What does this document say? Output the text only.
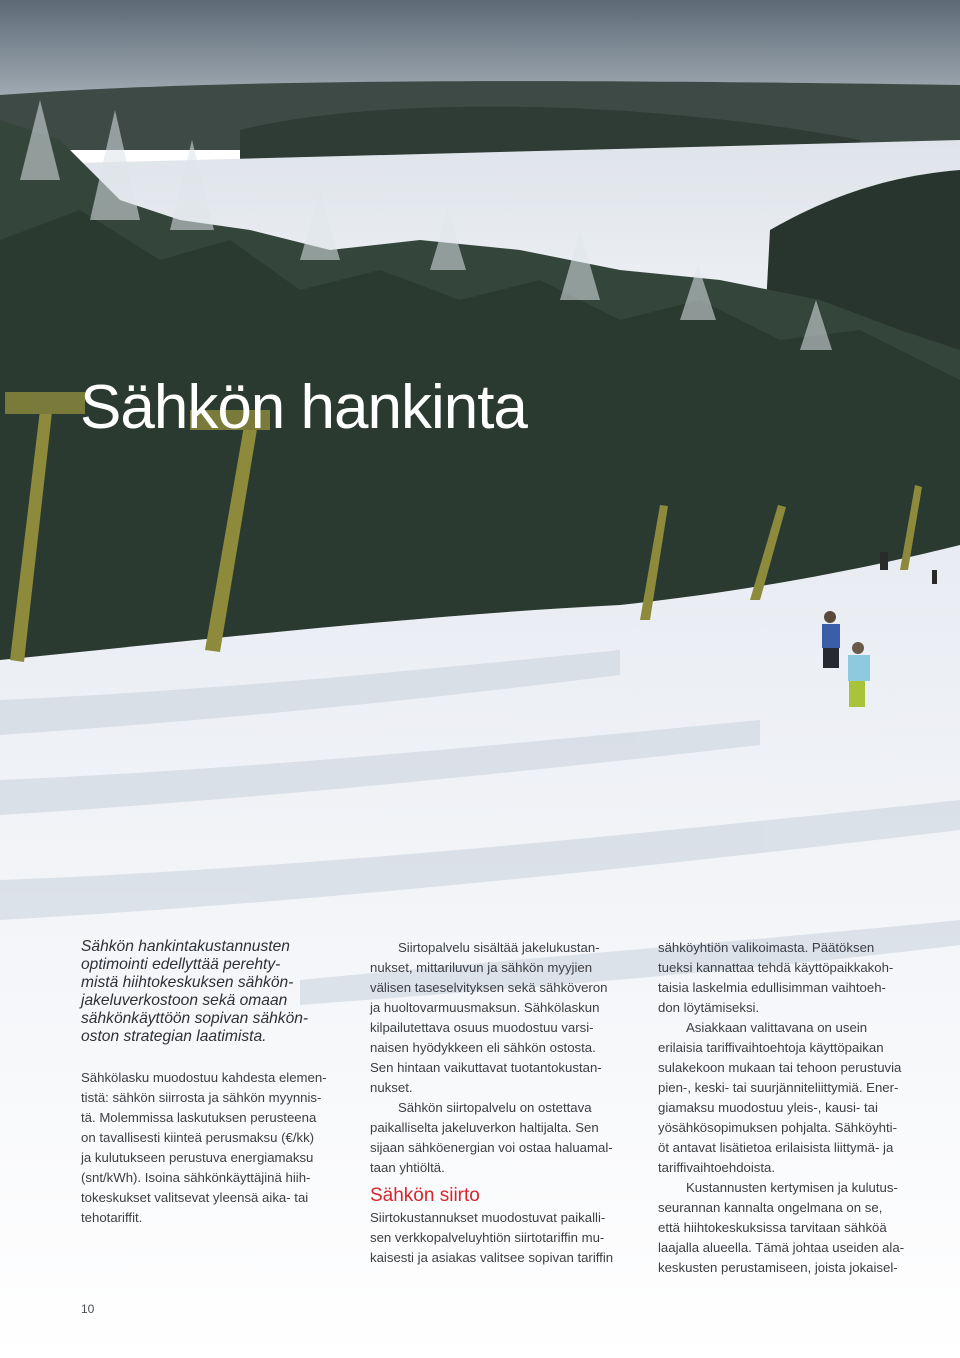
Sähkön hankinta

Sähkön hankintakustannusten
optimointi edellyttää perehty-
mistä hiihtokeskuksen sähkön-
jakeluverkostoon sekä omaan
sähkönkäyttöön sopivan sähkön-
oston strategian laatimista.

Sähkölasku muodostuu kahdesta elemen-
tistä: sähkön siirrosta ja sähkön myynnis-
tä. Molemmissa laskutuksen perusteena
on tavallisesti kiinteä perusmaksu (€/kk)
ja kulutukseen perustuva energiamaksu
(snt/kWh). Isoina sähkönkäyttäjinä hiih-
tokeskukset valitsevat yleensä aika- tai
tehotariffit.

Siirtopalvelu sisältää jakelukustan-
nukset, mittariluvun ja sähkön myyjien
välisen taseselvityksen sekä sähköveron
ja huoltovarmuusmaksun. Sähkölaskun
kilpailutettava osuus muodostuu varsi-
naisen hyödykkeen eli sähkön ostosta.
Sen hintaan vaikuttavat tuotantokustan-
nukset.

Sähkön siirtopalvelu on ostettava
paikalliselta jakeluverkon haltijalta. Sen
sijaan sähköenergian voi ostaa haluamal-
taan yhtiöltä.

Sähkön siirto

Siirtokustannukset muodostuvat paikalli-
sen verkkopalveluyhtiön siirtotariffin mu-
kaisesti ja asiakas valitsee sopivan tariffin

sähköyhtiön valikoimasta. Päätöksen
tueksi kannattaa tehdä käyttöpaikkakoh-
taisia laskelmia edullisimman vaihtoeh-
don löytämiseksi.

Asiakkaan valittavana on usein
erilaisia tariffivaihtoehtoja käyttöpaikan
sulakekoon mukaan tai tehoon perustuvia
pien-, keski- tai suurjänniteliittymiä. Ener-
giamaksu muodostuu yleis-, kausi- tai
yösähkösopimuksen pohjalta. Sähköyhti-
öt antavat lisätietoa erilaisista liittymä- ja
tariffivaihtoehdoista.

Kustannusten kertymisen ja kulutus-
seurannan kannalta ongelmana on se,
että hiihtokeskuksissa tarvitaan sähköä
laajalla alueella. Tämä johtaa useiden ala-
keskusten perustamiseen, joista jokaisel-

10
